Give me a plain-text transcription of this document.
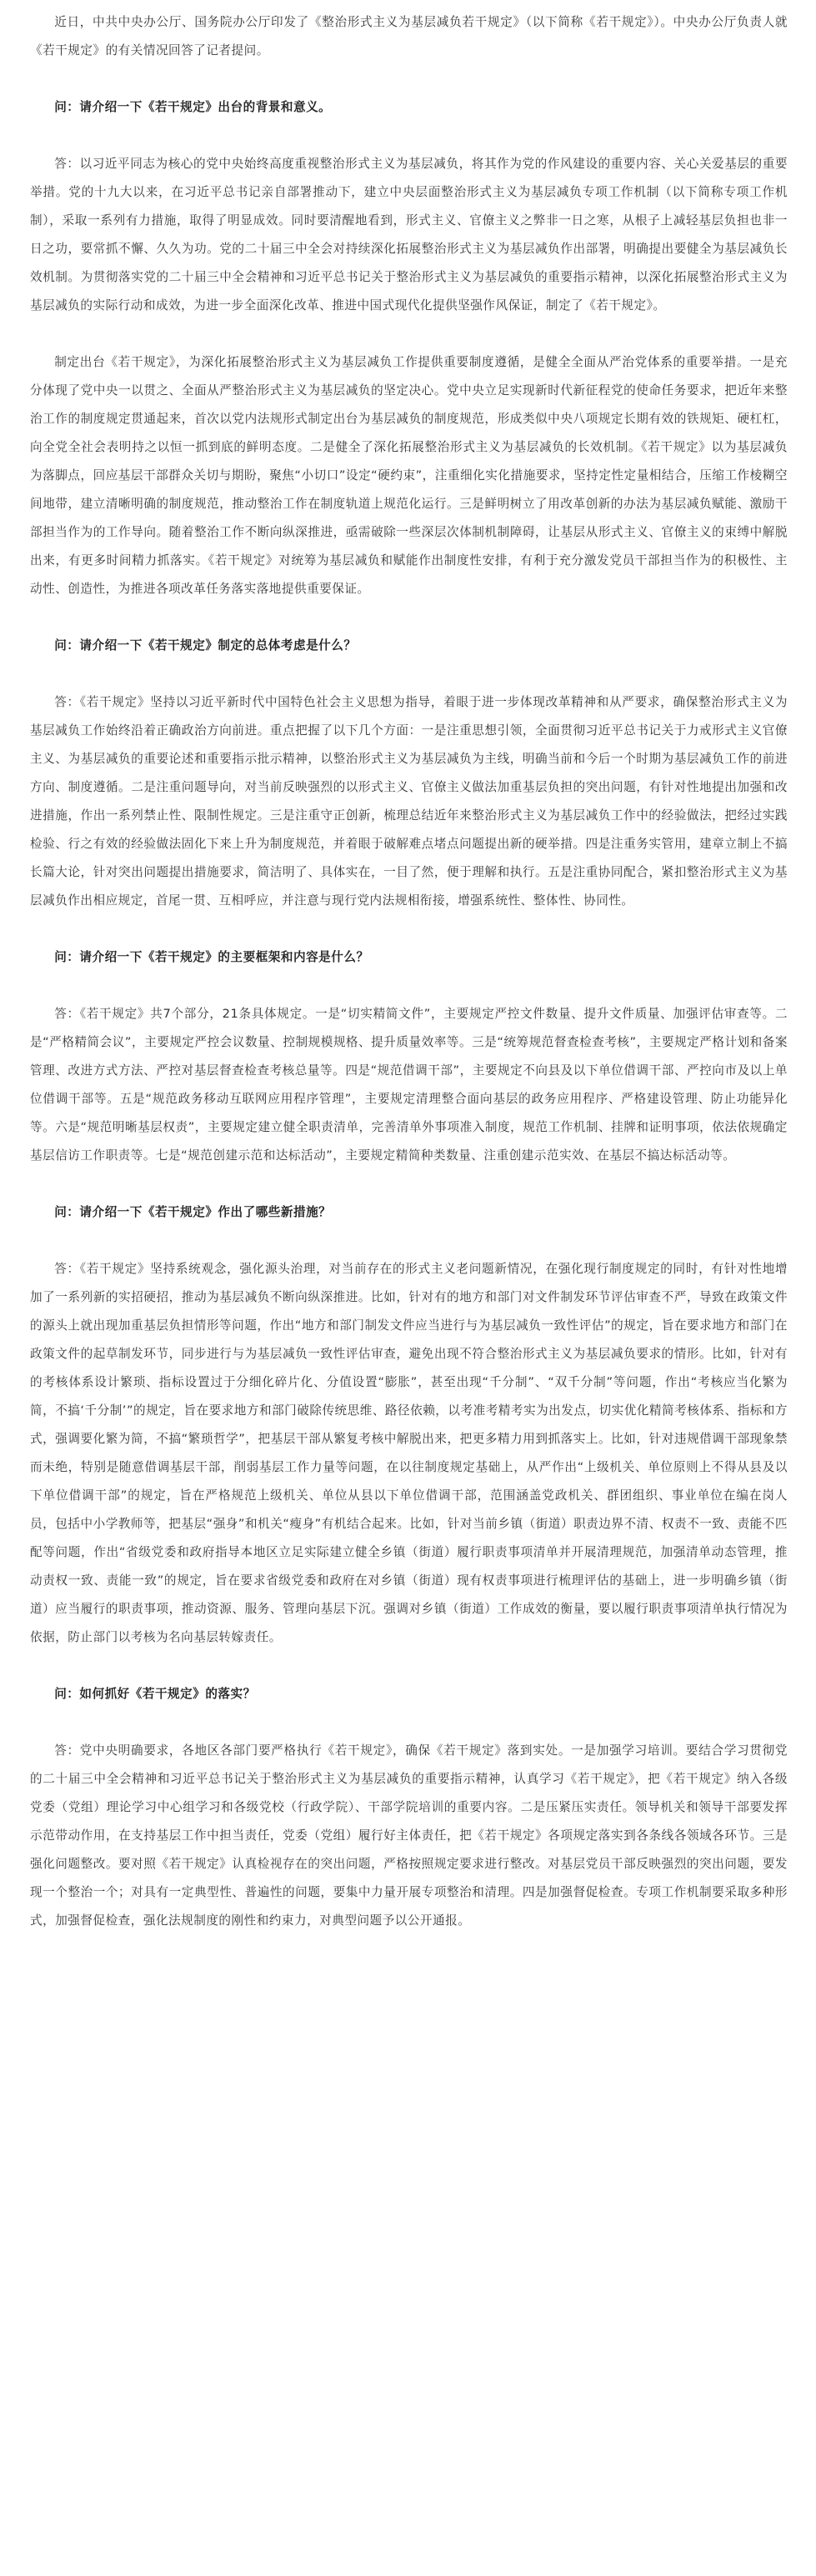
近日，中共中央办公厅、国务院办公厅印发了《整治形式主义为基层减负若干规定》（以下简称《若干规定》）。中央办公厅负责人就《若干规定》的有关情况回答了记者提问。

问：请介绍一下《若干规定》出台的背景和意义。

答：以习近平同志为核心的党中央始终高度重视整治形式主义为基层减负，将其作为党的作风建设的重要内容、关心关爱基层的重要举措。党的十九大以来，在习近平总书记亲自部署推动下，建立中央层面整治形式主义为基层减负专项工作机制（以下简称专项工作机制），采取一系列有力措施，取得了明显成效。同时要清醒地看到，形式主义、官僚主义之弊非一日之寒，从根子上减轻基层负担也非一日之功，要常抓不懈、久久为功。党的二十届三中全会对持续深化拓展整治形式主义为基层减负作出部署，明确提出要健全为基层减负长效机制。为贯彻落实党的二十届三中全会精神和习近平总书记关于整治形式主义为基层减负的重要指示精神，以深化拓展整治形式主义为基层减负的实际行动和成效，为进一步全面深化改革、推进中国式现代化提供坚强作风保证，制定了《若干规定》。

制定出台《若干规定》，为深化拓展整治形式主义为基层减负工作提供重要制度遵循，是健全全面从严治党体系的重要举措。一是充分体现了党中央一以贯之、全面从严整治形式主义为基层减负的坚定决心。党中央立足实现新时代新征程党的使命任务要求，把近年来整治工作的制度规定贯通起来，首次以党内法规形式制定出台为基层减负的制度规范，形成类似中央八项规定长期有效的铁规矩、硬杠杠，向全党全社会表明持之以恒一抓到底的鲜明态度。二是健全了深化拓展整治形式主义为基层减负的长效机制。《若干规定》以为基层减负为落脚点，回应基层干部群众关切与期盼，聚焦“小切口”设定“硬约束”，注重细化实化措施要求，坚持定性定量相结合，压缩工作棱糊空间地带，建立清晰明确的制度规范，推动整治工作在制度轨道上规范化运行。三是鲜明树立了用改革创新的办法为基层减负赋能、激励干部担当作为的工作导向。随着整治工作不断向纵深推进，亟需破除一些深层次体制机制障碍，让基层从形式主义、官僚主义的束缚中解脱出来，有更多时间精力抓落实。《若干规定》对统筹为基层减负和赋能作出制度性安排，有利于充分激发党员干部担当作为的积极性、主动性、创造性，为推进各项改革任务落实落地提供重要保证。

问：请介绍一下《若干规定》制定的总体考虑是什么？

答：《若干规定》坚持以习近平新时代中国特色社会主义思想为指导，着眼于进一步体现改革精神和从严要求，确保整治形式主义为基层减负工作始终沿着正确政治方向前进。重点把握了以下几个方面：一是注重思想引领，全面贯彻习近平总书记关于力戒形式主义官僚主义、为基层减负的重要论述和重要指示批示精神，以整治形式主义为基层减负为主线，明确当前和今后一个时期为基层减负工作的前进方向、制度遵循。二是注重问题导向，对当前反映强烈的以形式主义、官僚主义做法加重基层负担的突出问题，有针对性地提出加强和改进措施，作出一系列禁止性、限制性规定。三是注重守正创新，梳理总结近年来整治形式主义为基层减负工作中的经验做法，把经过实践检验、行之有效的经验做法固化下来上升为制度规范，并着眼于破解难点堵点问题提出新的硬举措。四是注重务实管用，建章立制上不搞长篇大论，针对突出问题提出措施要求，简洁明了、具体实在，一目了然，便于理解和执行。五是注重协同配合，紧扣整治形式主义为基层减负作出相应规定，首尾一贯、互相呼应，并注意与现行党内法规相衔接，增强系统性、整体性、协同性。

问：请介绍一下《若干规定》的主要框架和内容是什么？

答：《若干规定》共7个部分，21条具体规定。一是“切实精简文件”，主要规定严控文件数量、提升文件质量、加强评估审查等。二是“严格精简会议”，主要规定严控会议数量、控制规模规格、提升质量效率等。三是“统筹规范督查检查考核”，主要规定严格计划和备案管理、改进方式方法、严控对基层督查检查考核总量等。四是“规范借调干部”，主要规定不向县及以下单位借调干部、严控向市及以上单位借调干部等。五是“规范政务移动互联网应用程序管理”，主要规定清理整合面向基层的政务应用程序、严格建设管理、防止功能异化等。六是“规范明晰基层权责”，主要规定建立健全职责清单，完善清单外事项准入制度，规范工作机制、挂牌和证明事项，依法依规确定基层信访工作职责等。七是“规范创建示范和达标活动”，主要规定精简种类数量、注重创建示范实效、在基层不搞达标活动等。

问：请介绍一下《若干规定》作出了哪些新措施？

答：《若干规定》坚持系统观念，强化源头治理，对当前存在的形式主义老问题新情况，在强化现行制度规定的同时，有针对性地增加了一系列新的实招硬招，推动为基层减负不断向纵深推进。比如，针对有的地方和部门对文件制发环节评估审查不严，导致在政策文件的源头上就出现加重基层负担情形等问题，作出“地方和部门制发文件应当进行与为基层减负一致性评估”的规定，旨在要求地方和部门在政策文件的起草制发环节，同步进行与为基层减负一致性评估审查，避免出现不符合整治形式主义为基层减负要求的情形。比如，针对有的考核体系设计繁琐、指标设置过于分细化碎片化、分值设置“膨胀”，甚至出现“千分制”、“双千分制”等问题，作出“考核应当化繁为简，不搞‘千分制’”的规定，旨在要求地方和部门破除传统思维、路径依赖，以考准考精考实为出发点，切实优化精简考核体系、指标和方式，强调要化繁为简，不搞“繁琐哲学”，把基层干部从繁复考核中解脱出来，把更多精力用到抓落实上。比如，针对违规借调干部现象禁而未绝，特别是随意借调基层干部，削弱基层工作力量等问题，在以往制度规定基础上，从严作出“上级机关、单位原则上不得从县及以下单位借调干部”的规定，旨在严格规范上级机关、单位从县以下单位借调干部，范围涵盖党政机关、群团组织、事业单位在编在岗人员，包括中小学教师等，把基层“强身”和机关“瘦身”有机结合起来。比如，针对当前乡镇（街道）职责边界不清、权责不一致、责能不匹配等问题，作出“省级党委和政府指导本地区立足实际建立健全乡镇（街道）履行职责事项清单并开展清理规范，加强清单动态管理，推动责权一致、责能一致”的规定，旨在要求省级党委和政府在对乡镇（街道）现有权责事项进行梳理评估的基础上，进一步明确乡镇（街道）应当履行的职责事项，推动资源、服务、管理向基层下沉。强调对乡镇（街道）工作成效的衡量，要以履行职责事项清单执行情况为依据，防止部门以考核为名向基层转嫁责任。

问：如何抓好《若干规定》的落实？

答：党中央明确要求，各地区各部门要严格执行《若干规定》，确保《若干规定》落到实处。一是加强学习培训。要结合学习贯彻党的二十届三中全会精神和习近平总书记关于整治形式主义为基层减负的重要指示精神，认真学习《若干规定》，把《若干规定》纳入各级党委（党组）理论学习中心组学习和各级党校（行政学院）、干部学院培训的重要内容。二是压紧压实责任。领导机关和领导干部要发挥示范带动作用，在支持基层工作中担当责任，党委（党组）履行好主体责任，把《若干规定》各项规定落实到各条线各领域各环节。三是强化问题整改。要对照《若干规定》认真检视存在的突出问题，严格按照规定要求进行整改。对基层党员干部反映强烈的突出问题，要发现一个整治一个；对具有一定典型性、普遍性的问题，要集中力量开展专项整治和清理。四是加强督促检查。专项工作机制要采取多种形式，加强督促检查，强化法规制度的刚性和约束力，对典型问题予以公开通报。
